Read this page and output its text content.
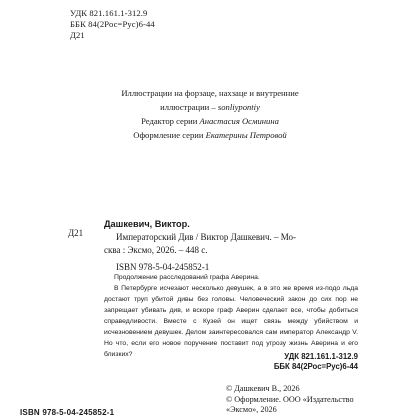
УДК 821.161.1-312.9
ББК 84(2Рос=Рус)6-44
Д21
Иллюстрации на форзаце, нахзаце и внутренние
иллюстрации – sonliypontiy
Редактор серии Анастасия Осминина
Оформление серии Екатерины Петровой
Д21
Дашкевич, Виктор.
Императорский Див / Виктор Дашкевич. – Мо-
сква : Эксмо, 2026. – 448 с.
ISBN 978-5-04-245852-1

Продолжение расследований графа Аверина.

В Петербурге исчезают несколько девушек, а в это же время из-подо льда достают труп убитой дивы без головы. Человеческий закон до сих пор не запрещает убивать див, и вскоре граф Аверин сделает все, чтобы добиться справедливости. Вместе с Кузей он ищет связь между убийством и исчезновением девушек. Делом заинтересовался сам император Александр V. Но что, если его новое поручение поставит под угрозу жизнь Аверина и его близких?	УДК 821.161.1-312.9
ББК 84(2Рос=Рус)6-44
© Дашкевич В., 2026
© Оформление. ООО «Издательство
«Эксмо», 2026
ISBN 978-5-04-245852-1
